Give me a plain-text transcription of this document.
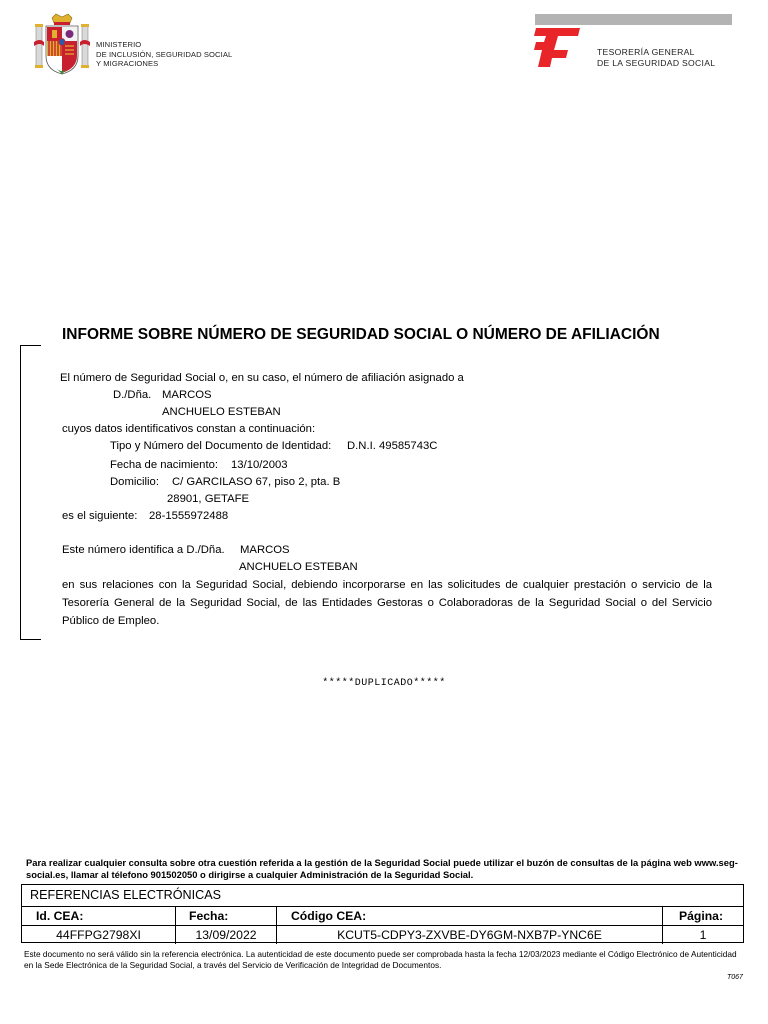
MINISTERIO
DE INCLUSIÓN, SEGURIDAD SOCIAL
Y MIGRACIONES
TESORERÍA GENERAL
DE LA SEGURIDAD SOCIAL
INFORME SOBRE NÚMERO DE SEGURIDAD SOCIAL O NÚMERO DE AFILIACIÓN
El número de Seguridad Social o, en su caso, el número de afiliación asignado a
D./Dña. MARCOS
ANCHUELO ESTEBAN
cuyos datos identificativos constan a continuación:
Tipo y Número del Documento de Identidad: D.N.I. 49585743C
Fecha de nacimiento: 13/10/2003
Domicilio: C/ GARCILASO 67, piso 2, pta. B
28901, GETAFE
es el siguiente: 28-1555972488
Este número identifica a D./Dña. MARCOS
ANCHUELO ESTEBAN
en sus relaciones con la Seguridad Social, debiendo incorporarse en las solicitudes de cualquier prestación o servicio de la Tesorería General de la Seguridad Social, de las Entidades Gestoras o Colaboradoras de la Seguridad Social o del Servicio Público de Empleo.
*****DUPLICADO*****
Para realizar cualquier consulta sobre otra cuestión referida a la gestión de la Seguridad Social puede utilizar el buzón de consultas de la página web www.seg-social.es, llamar al télefono 901502050 o dirigirse a cualquier Administración de la Seguridad Social.
REFERENCIAS ELECTRÓNICAS
Id. CEA:	Fecha:	Código CEA:	Página:
44FFPG2798XI	13/09/2022	KCUT5-CDPY3-ZXVBE-DY6GM-NXB7P-YNC6E	1
Este documento no será válido sin la referencia electrónica. La autenticidad de este documento puede ser comprobada hasta la fecha 12/03/2023 mediante el Código Electrónico de Autenticidad en la Sede Electrónica de la Seguridad Social, a través del Servicio de Verificación de Integridad de Documentos.
T067
